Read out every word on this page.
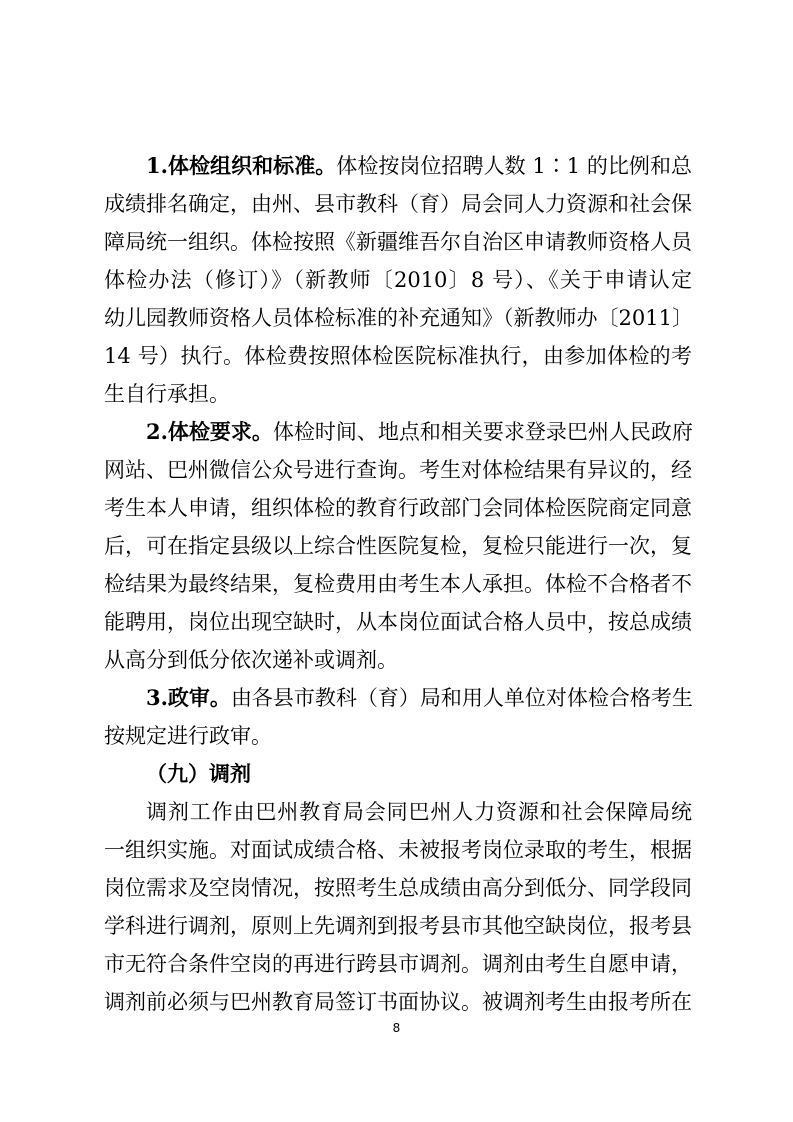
1.体检组织和标准。体检按岗位招聘人数 1∶1 的比例和总
成绩排名确定，由州、县市教科（育）局会同人力资源和社会保
障局统一组织。体检按照《新疆维吾尔自治区申请教师资格人员
体检办法（修订）》（新教师〔2010〕8 号）、《关于申请认定
幼儿园教师资格人员体检标准的补充通知》（新教师办〔2011〕
14 号）执行。体检费按照体检医院标准执行，由参加体检的考
生自行承担。
2.体检要求。体检时间、地点和相关要求登录巴州人民政府
网站、巴州微信公众号进行查询。考生对体检结果有异议的，经
考生本人申请，组织体检的教育行政部门会同体检医院商定同意
后，可在指定县级以上综合性医院复检，复检只能进行一次，复
检结果为最终结果，复检费用由考生本人承担。体检不合格者不
能聘用，岗位出现空缺时，从本岗位面试合格人员中，按总成绩
从高分到低分依次递补或调剂。
3.政审。由各县市教科（育）局和用人单位对体检合格考生
按规定进行政审。
（九）调剂
调剂工作由巴州教育局会同巴州人力资源和社会保障局统
一组织实施。对面试成绩合格、未被报考岗位录取的考生，根据
岗位需求及空岗情况，按照考生总成绩由高分到低分、同学段同
学科进行调剂，原则上先调剂到报考县市其他空缺岗位，报考县
市无符合条件空岗的再进行跨县市调剂。调剂由考生自愿申请，
调剂前必须与巴州教育局签订书面协议。被调剂考生由报考所在
8
